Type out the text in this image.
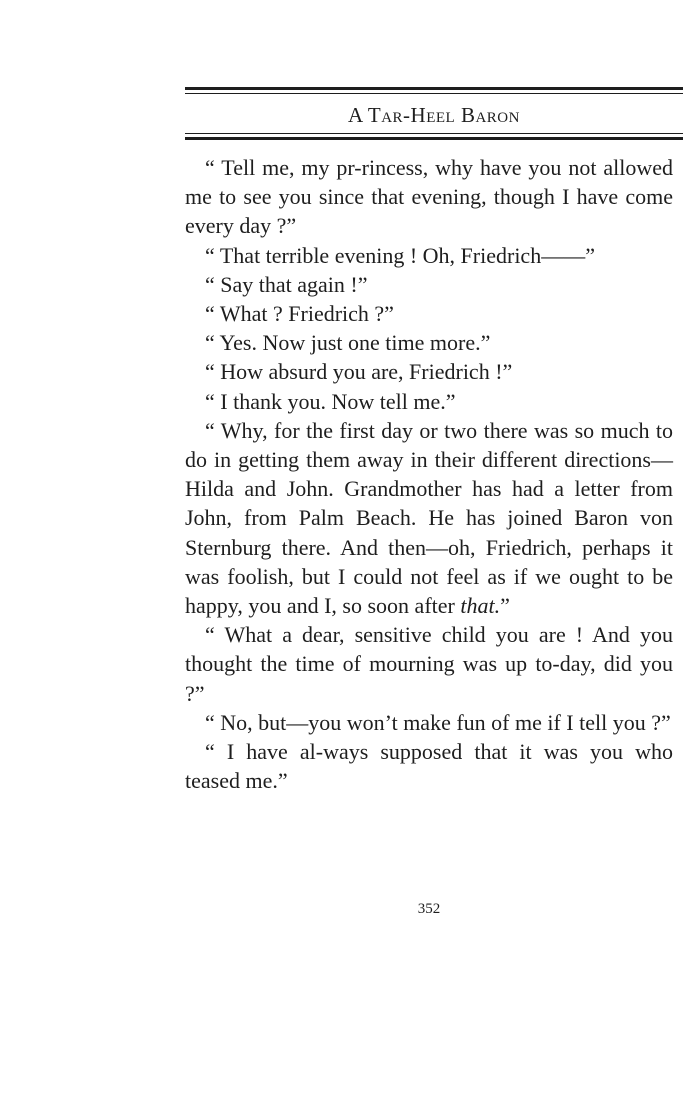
A Tar-Heel Baron

“ Tell me, my pr-rincess, why have you not allowed me to see you since that evening, though I have come every day ?”

“ That terrible evening ! Oh, Friedrich——”

“ Say that again !”

“ What ? Friedrich ?”

“ Yes. Now just one time more.”

“ How absurd you are, Friedrich !”

“ I thank you. Now tell me.”

“ Why, for the first day or two there was so much to do in getting them away in their different directions—Hilda and John. Grandmother has had a letter from John, from Palm Beach. He has joined Baron von Sternburg there. And then—oh, Friedrich, perhaps it was foolish, but I could not feel as if we ought to be happy, you and I, so soon after that.”

“ What a dear, sensitive child you are ! And you thought the time of mourning was up to-day, did you ?”

“ No, but—you won’t make fun of me if I tell you ?”

“ I have al-ways supposed that it was you who teased me.”

352
